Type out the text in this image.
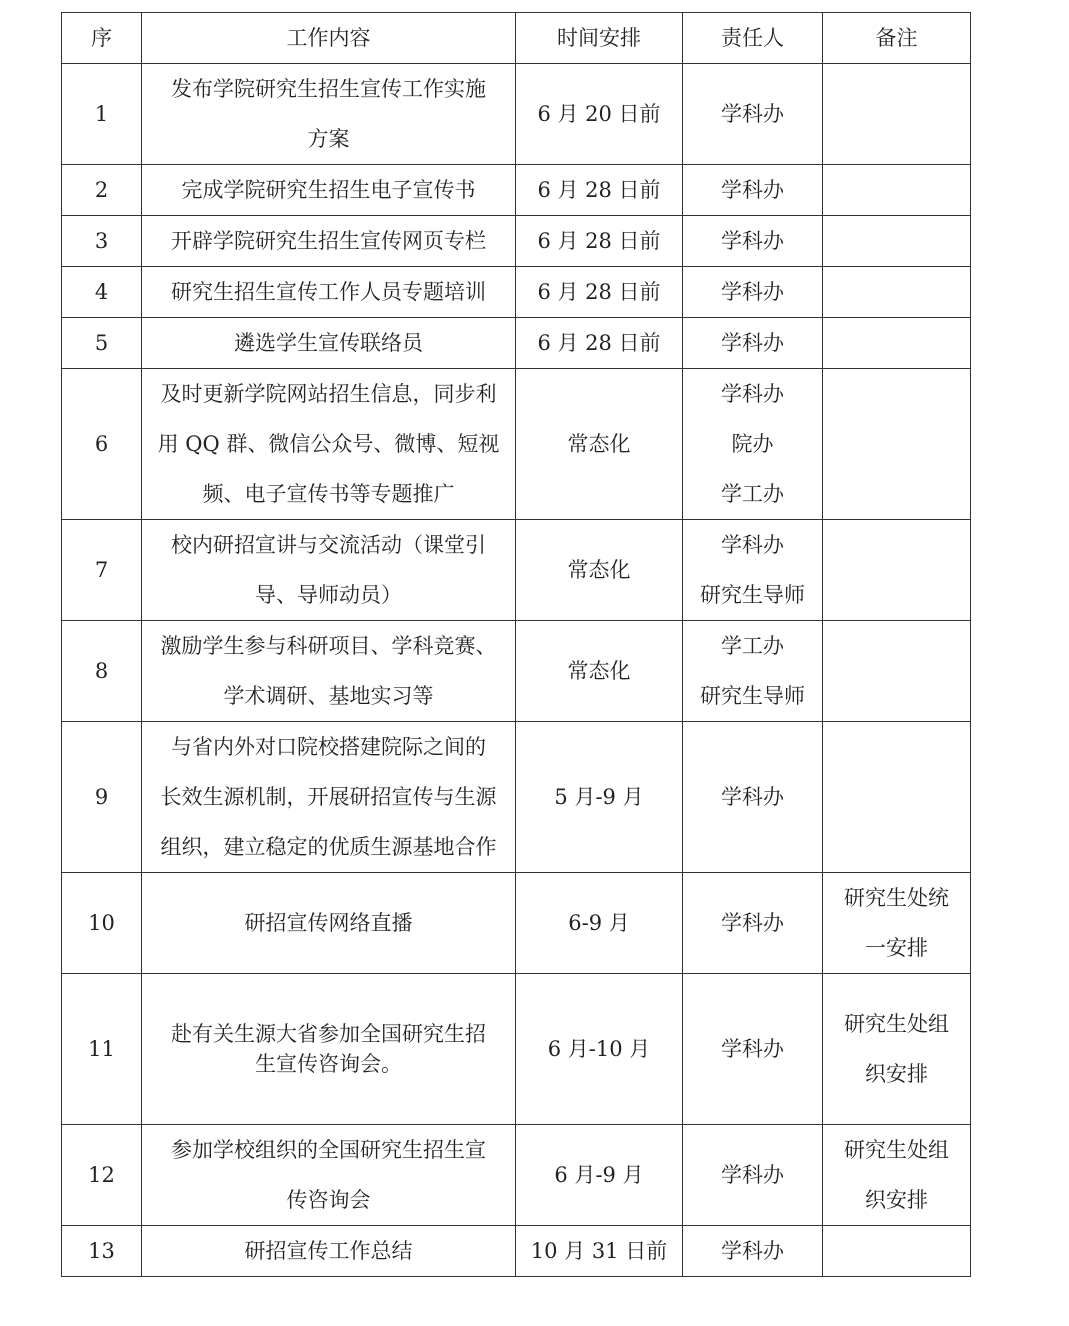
序	工作内容	时间安排	责任人	备注
1	发布学院研究生招生宣传工作实施
方案	6 月 20 日前	学科办	

2	完成学院研究生招生电子宣传书	6 月 28 日前	学科办	

3	开辟学院研究生招生宣传网页专栏	6 月 28 日前	学科办	

4	研究生招生宣传工作人员专题培训	6 月 28 日前	学科办	

5	遴选学生宣传联络员	6 月 28 日前	学科办	

6	及时更新学院网站招生信息，同步利
用 QQ 群、微信公众号、微博、短视
频、电子宣传书等专题推广	常态化	学科办
院办
学工办	

7	校内研招宣讲与交流活动（课堂引
导、导师动员）	常态化	学科办
研究生导师	

8	激励学生参与科研项目、学科竞赛、
学术调研、基地实习等	常态化	学工办
研究生导师	

9	与省内外对口院校搭建院际之间的
长效生源机制，开展研招宣传与生源
组织，建立稳定的优质生源基地合作	5 月-9 月	学科办	

10	研招宣传网络直播	6-9 月	学科办	研究生处统
一安排

11	赴有关生源大省参加全国研究生招
生宣传咨询会。	6 月-10 月	学科办	研究生处组
织安排

12	参加学校组织的全国研究生招生宣
传咨询会	6 月-9 月	学科办	研究生处组
织安排

13	研招宣传工作总结	10 月 31 日前	学科办	
